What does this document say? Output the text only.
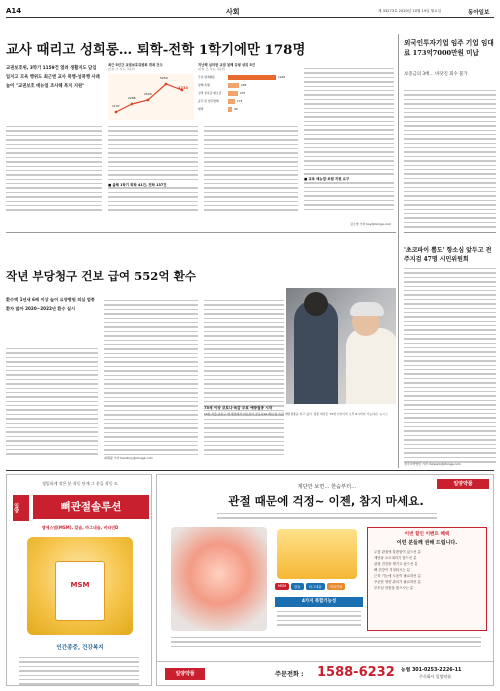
A14	사회	제 33273호 2020년 10월 19일 월요일	동아일보
교사 때리고 성희롱… 퇴학-전학 1학기에만 178명
교권보호위, 3학기 1159건 열려 생활지도 담임 일지고 모욕 행위도 최근엔 교사 폭행-성폭행 사례 늘어 "교권보호 매뉴얼 조사해 복지 지원"
최근 5년간 교권보호위원회 개최 건수
(단위: 건, 자료: 교육부)
1197
2286
2500
5050
4234
지난해 심의한 교권 침해 유형 상위 5건
(단위: 건, 자료: 교육부)
모욕 명예훼손	1240
상해·폭행	248
성적 굴욕감·혐오감	237
공무 및 업무방해	174
협박	99
■ 올해 1학기 퇴학 41건, 전학 137건
■ 교육 매뉴얼·보험 지원 요구
김소영 기자 ksy@donga.com
외국인투자기업 임주 기업 임대료 173억7000만원 미납
보증금의 3배… 바닷길 회수 불가
작년 부당청구 건보 급여 552억 환수
환수액 1년새 6배 이상 늘어 요양병원 의심 업종 환자 많아 2020~2022년 환수 실시
75세 이상 코로나·독감 무료 예방접종 시작
15일 서울 용산구 한 병원에서 어르신이 코로나19 백신 및 독감 예방접종을 받고 있다. 접종 대상은 75세 이상이며 오후 8시까지 가능하다. 뉴시스
최혜령 기자 herstory@donga.com
'초코파이 뽑도' 항소심 앞두고 전주지검 47명 시민위원회
전주=박영민 기자 minpark@donga.com
정밀하게 작은 분 작동 단계 그 분들 작동 도
일양	뼈관절솔루션
엠에스엠(MSM), 칼슘, 마그네슘, 비타민D
MSM
인간종중, 건강복지
일양약품
계단만 보면… 한숨부터…
관절 때문에 걱정~ 이젠, 참지 마세요.
MSM	칼슘	마그네슘	비타민D
4가지 복합기능성
이번 할인 이벤트 혜택
이런 분들께 권해 드립니다.
무릎 관절에 불편함이 있으신 분
계단을 오르내리기 힘드신 분
관절 건강을 챙기고 싶으신 분
뼈 건강이 걱정되시는 분
근육 기능에 도움이 필요하신 분
꾸준한 영양 관리가 필요하신 분
부모님 선물을 찾으시는 분
일양약품	주문전화 : 1588-6232 농협 301-0253-2226-11
주식회사 일양약품
